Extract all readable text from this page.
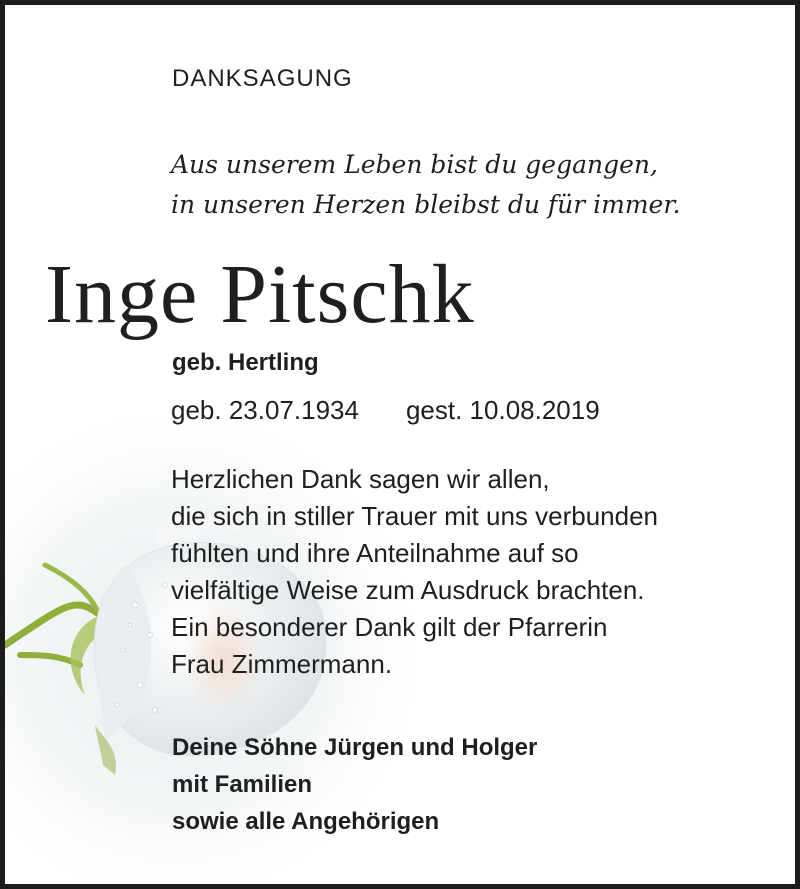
DANKSAGUNG
Aus unserem Leben bist du gegangen,
in unseren Herzen bleibst du für immer.
Inge Pitschk
geb. Hertling
geb. 23.07.1934 gest. 10.08.2019
Herzlichen Dank sagen wir allen,
die sich in stiller Trauer mit uns verbunden
fühlten und ihre Anteilnahme auf so
vielfältige Weise zum Ausdruck brachten.
Ein besonderer Dank gilt der Pfarrerin
Frau Zimmermann.
Deine Söhne Jürgen und Holger
mit Familien
sowie alle Angehörigen
